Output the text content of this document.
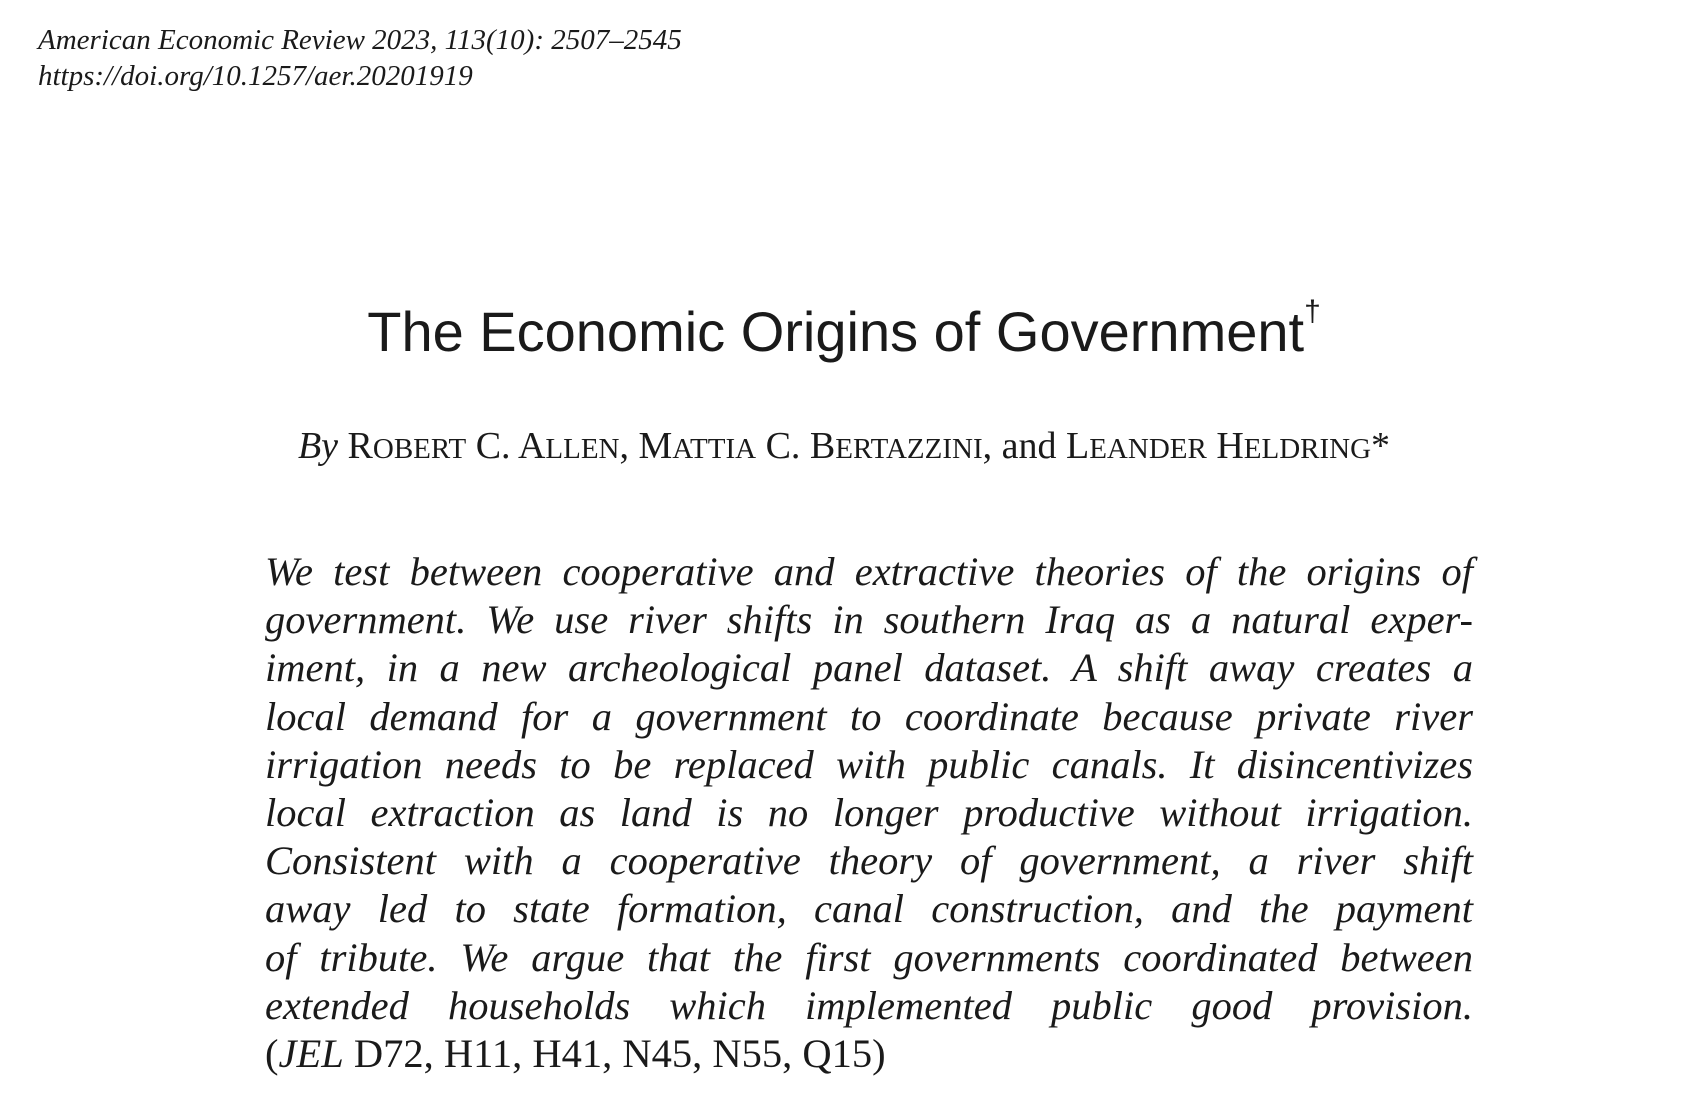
American Economic Review 2023, 113(10): 2507–2545
https://doi.org/10.1257/aer.20201919
The Economic Origins of Government†
By ROBERT C. ALLEN, MATTIA C. BERTAZZINI, and LEANDER HELDRING*
We test between cooperative and extractive theories of the origins of
government. We use river shifts in southern Iraq as a natural exper-
iment, in a new archeological panel dataset. A shift away creates a
local demand for a government to coordinate because private river
irrigation needs to be replaced with public canals. It disincentivizes
local extraction as land is no longer productive without irrigation.
Consistent with a cooperative theory of government, a river shift
away led to state formation, canal construction, and the payment
of tribute. We argue that the first governments coordinated between
extended households which implemented public good provision.
(JEL D72, H11, H41, N45, N55, Q15)
